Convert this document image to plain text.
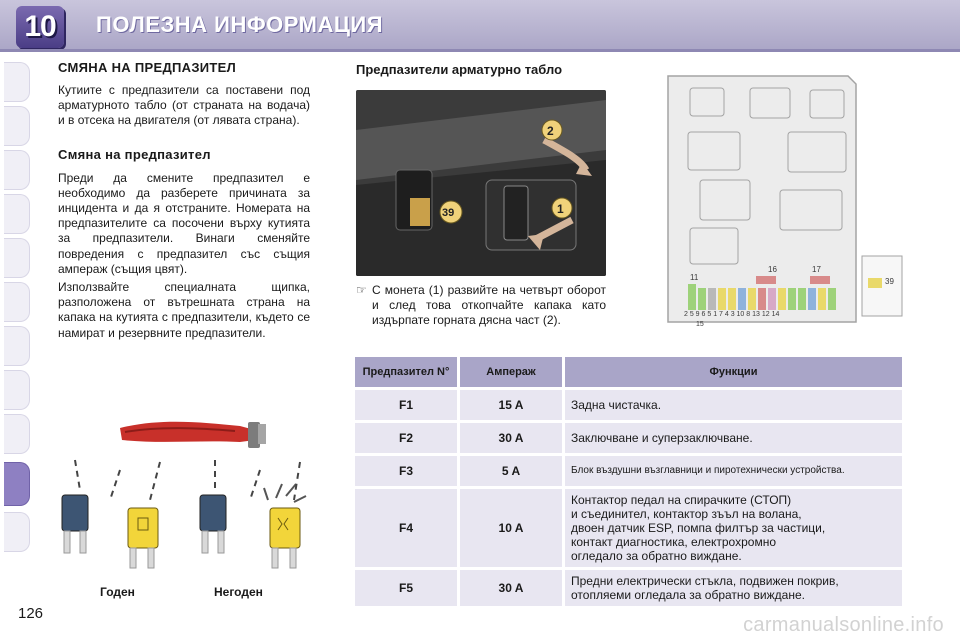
10	ПОЛЕЗНА ИНФОРМАЦИЯ
СМЯНА НА ПРЕДПАЗИТЕЛ
Кутиите с предпазители са поставени под арматурното табло (от страната на водача) и в отсека на двигателя (от лявата страна).
Смяна на предпазител
Преди да смените предпазител е необходимо да разберете причината за инцидента и да я отстраните. Номерата на предпазителите са посочени върху кутията за предпазители. Винаги сменяйте повредения с предпазител със същия ампераж (същия цвят).
Използвайте специалната щипка, разположена от вътрешната страна на капака на кутията с предпазители, където се намират и резервните предпазители.
Годен	Негоден
Предпазители арматурно табло
2
1
39
☞ С монета (1) развийте на четвърт оборот и след това откопчайте капака като издърпате горната дясна част (2).
11
16	17
39
2 5 9 6 5 1 7 4 3 10 8 13 12 14
15
Предпазител N°	Ампераж	Функции
F1	15 A	Задна чистачка.
F2	30 A	Заключване и суперзаключване.
F3	5 A	Блок въздушни възглавници и пиротехнически устройства.
F4	10 A	Контактор педал на спирачките (СТОП)
и съединител, контактор зъъл на волана,
двоен датчик ESP, помпа филтър за частици,
контакт диагностика, електрохромно
огледало за обратно виждане.

F5	30 A	Предни електрически стъкла, подвижен покрив,
отопляеми огледала за обратно виждане.
126
carmanualsonline.info
